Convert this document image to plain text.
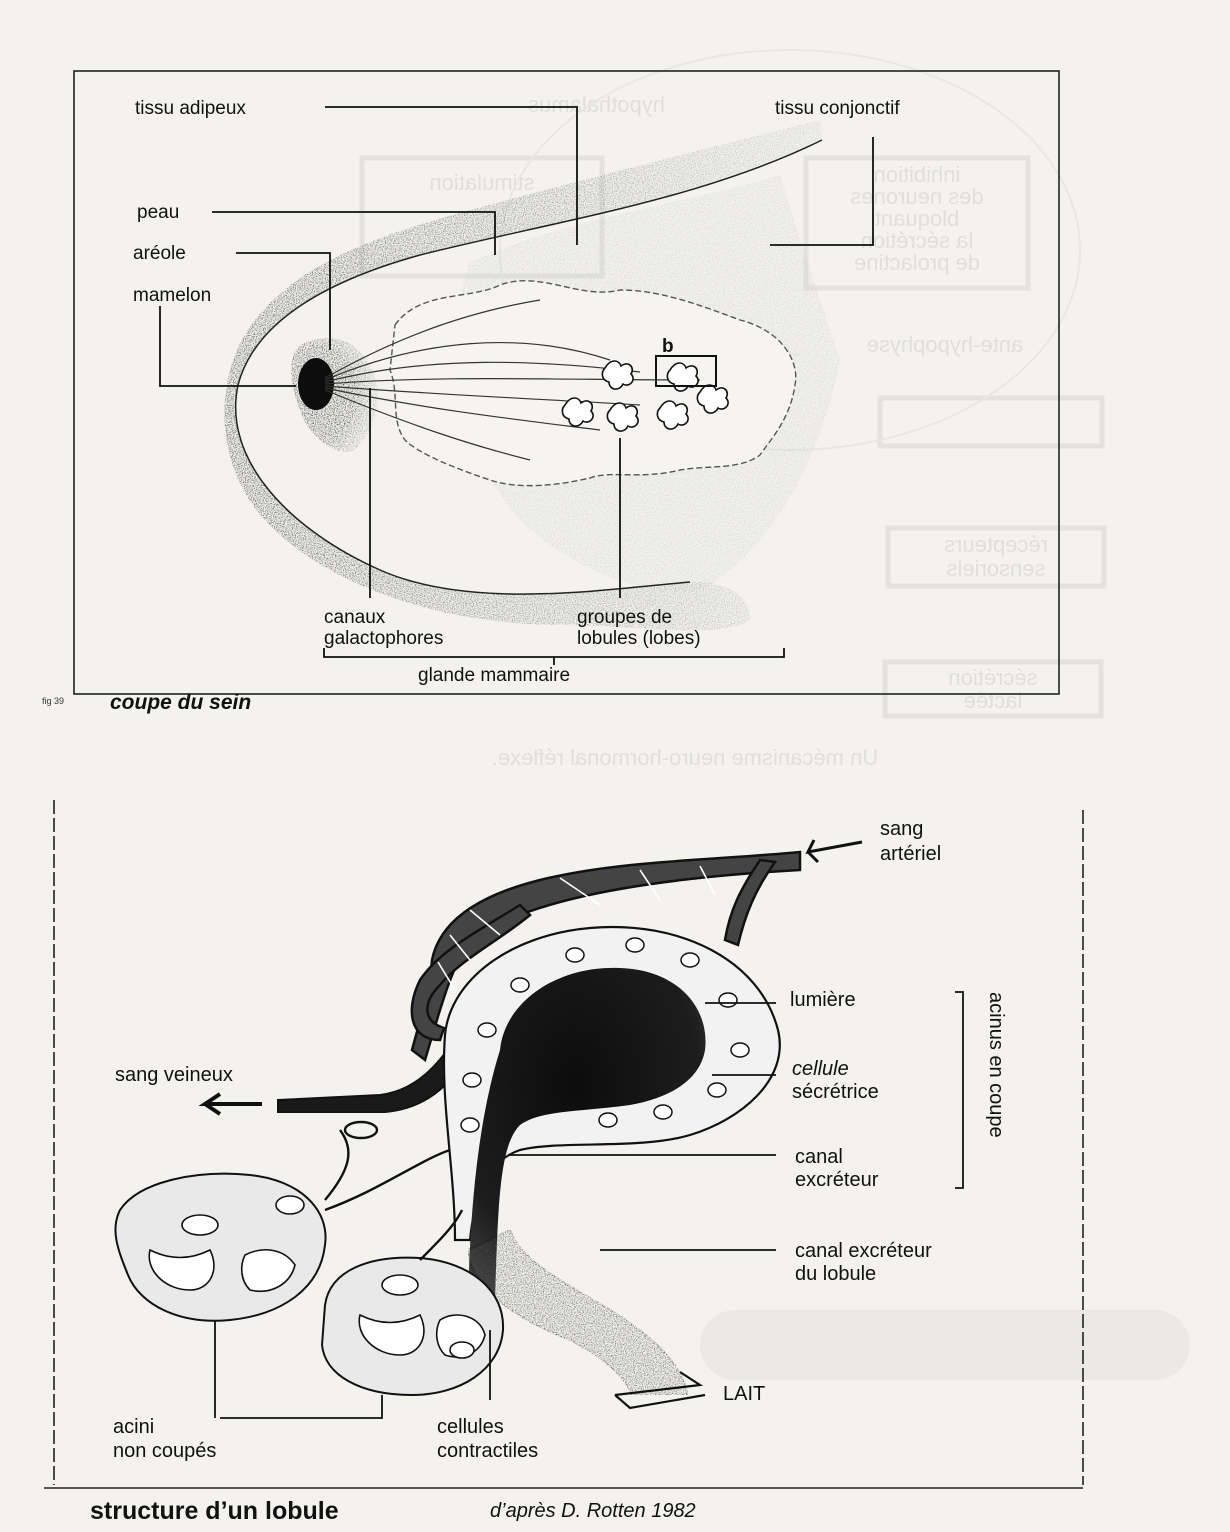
hypothalamus
stimulation	inhibition
des neurones
bloquant
la sécrétion
de prolactine
ante-hypophyse
récepteurs
sensoriels
sécrétion
lactée
Un mécanisme neuro-hormonal réflexe.
b
tissu adipeux	tissu conjonctif
peau
aréole
mamelon
canaux
galactophores
groupes de
lobules (lobes)
glande mammaire
fig 39 coupe du sein
sang
artériel
lumière
cellule
sécrétrice
canal
excréteur
canal excréteur
du lobule
acinus en coupe
sang veineux
LAIT
acini
non coupés
cellules
contractiles
structure d’un lobule	d’après D. Rotten 1982
